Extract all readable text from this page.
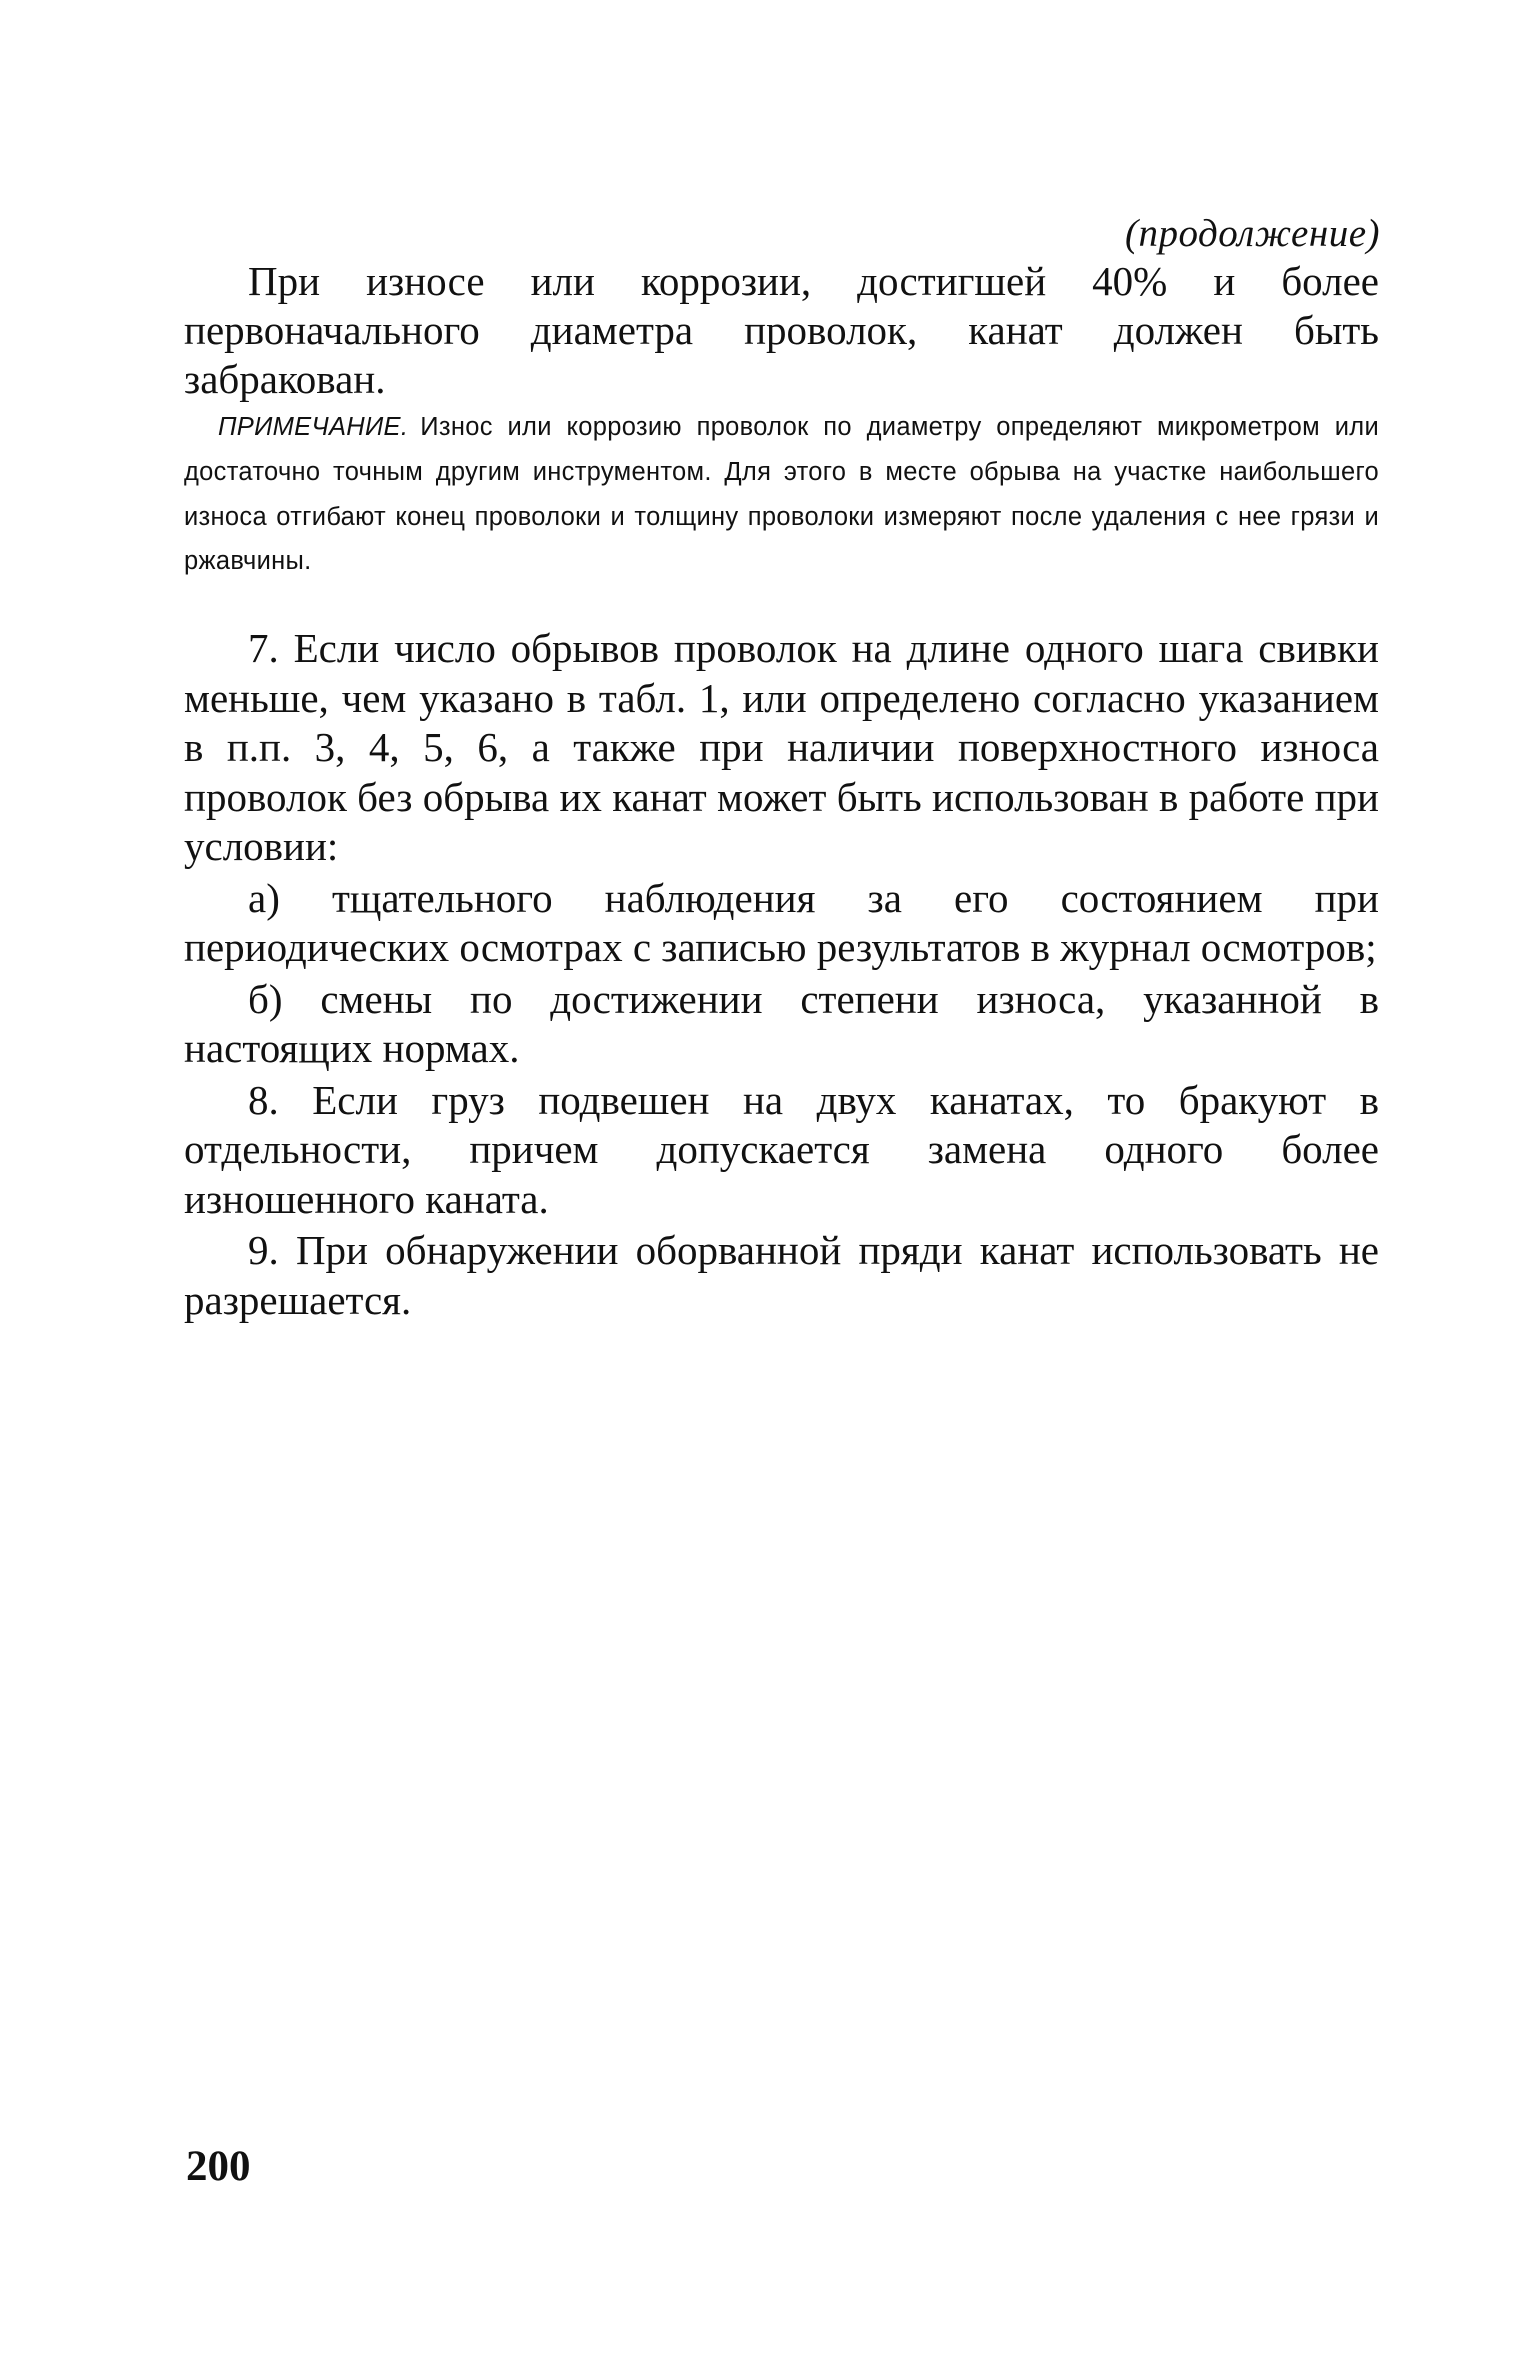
(продолжение)
При износе или коррозии, достигшей 40% и более первоначального диаметра проволок, канат должен быть забракован.
ПРИМЕЧАНИЕ. Износ или коррозию проволок по диаметру определяют микрометром или достаточно точным другим инструментом. Для этого в месте обрыва на участке наибольшего износа отгибают конец проволоки и толщину проволоки измеряют после удаления с нее грязи и ржавчины.

7. Если число обрывов проволок на длине одного шага свивки меньше, чем указано в табл. 1, или определено согласно указанием в п.п. 3, 4, 5, 6, а также при наличии поверхностного износа проволок без обрыва их канат может быть использован в работе при условии:

а) тщательного наблюдения за его состоянием при периодических осмотрах с записью результатов в журнал осмотров;

б) смены по достижении степени износа, указанной в настоящих нормах.

8. Если груз подвешен на двух канатах, то бракуют в отдельности, причем допускается замена одного более изношенного каната.

9. При обнаружении оборванной пряди канат использовать не разрешается.

200
